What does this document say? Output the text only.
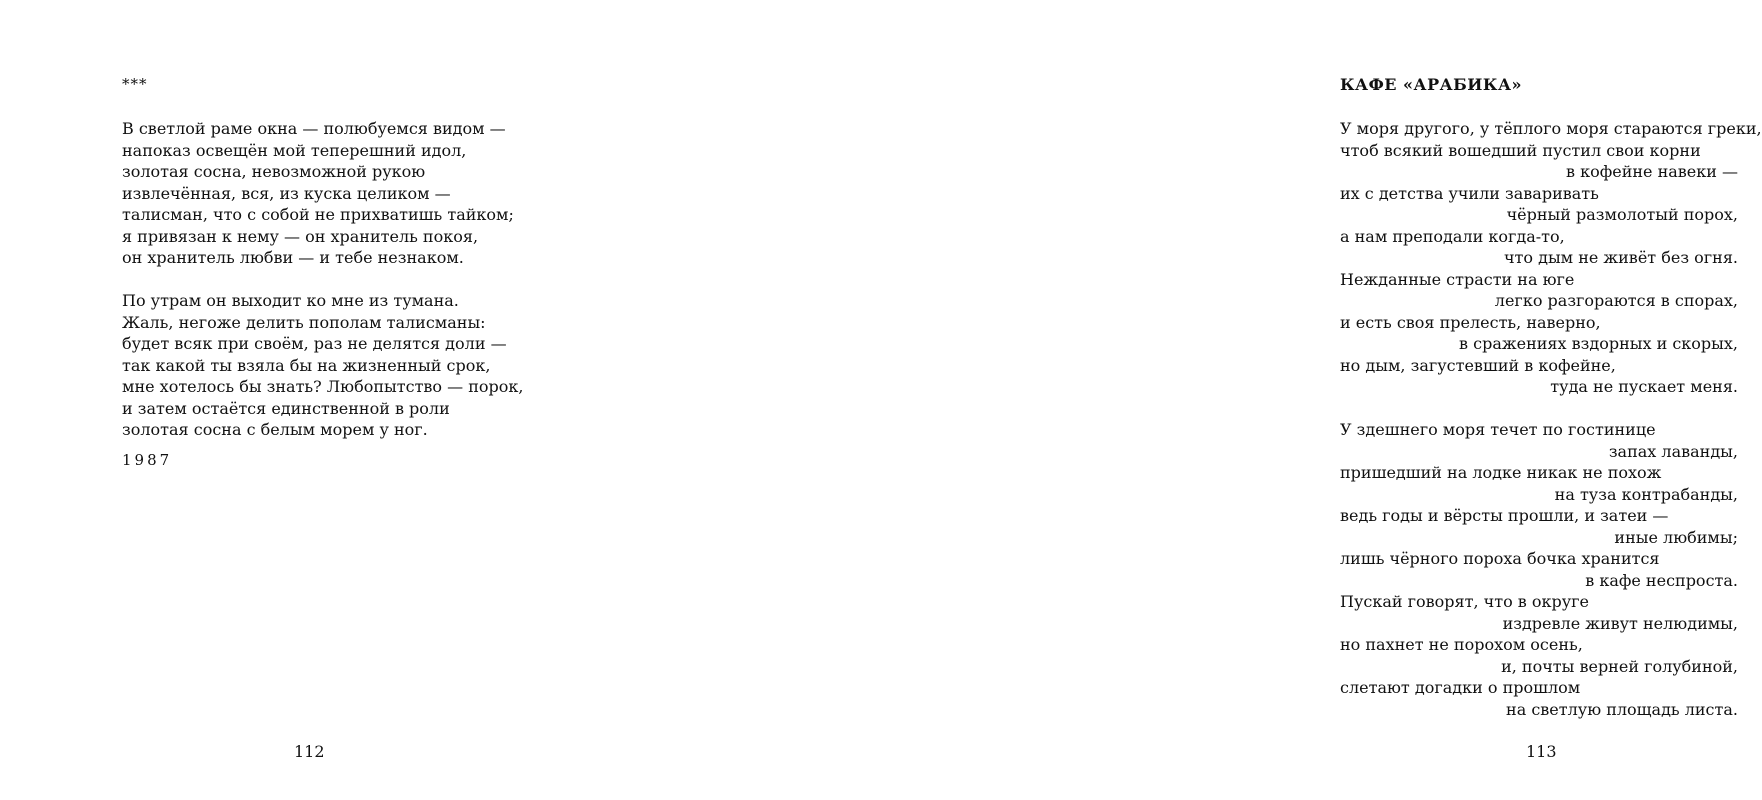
***
В светлой раме окна — полюбуемся видом —
напоказ освещён мой теперешний идол,
золотая сосна, невозможной рукою
извлечённая, вся, из куска целиком —
талисман, что с собой не прихватишь тайком;
я привязан к нему — он хранитель покоя,
он хранитель любви — и тебе незнаком.
По утрам он выходит ко мне из тумана.
Жаль, негоже делить пополам талисманы:
будет всяк при своём, раз не делятся доли —
так какой ты взяла бы на жизненный срок,
мне хотелось бы знать? Любопытство — порок,
и затем остаётся единственной в роли
золотая сосна с белым морем у ног.
1987
112
КАФЕ «АРАБИКА»
У моря другого, у тёплого моря стараются греки,
чтоб всякий вошедший пустил свои корни
в кофейне навеки —
их с детства учили заваривать
чёрный размолотый порох,
а нам преподали когда-то,
что дым не живёт без огня.
Нежданные страсти на юге
легко разгораются в спорах,
и есть своя прелесть, наверно,
в сражениях вздорных и скорых,
но дым, загустевший в кофейне,
туда не пускает меня.
У здешнего моря течет по гостинице
запах лаванды,
пришедший на лодке никак не похож
на туза контрабанды,
ведь годы и вёрсты прошли, и затеи —
иные любимы;
лишь чёрного пороха бочка хранится
в кафе неспроста.
Пускай говорят, что в округе
издревле живут нелюдимы,
но пахнет не порохом осень,
и, почты верней голубиной,
слетают догадки о прошлом
на светлую площадь листа.
113
